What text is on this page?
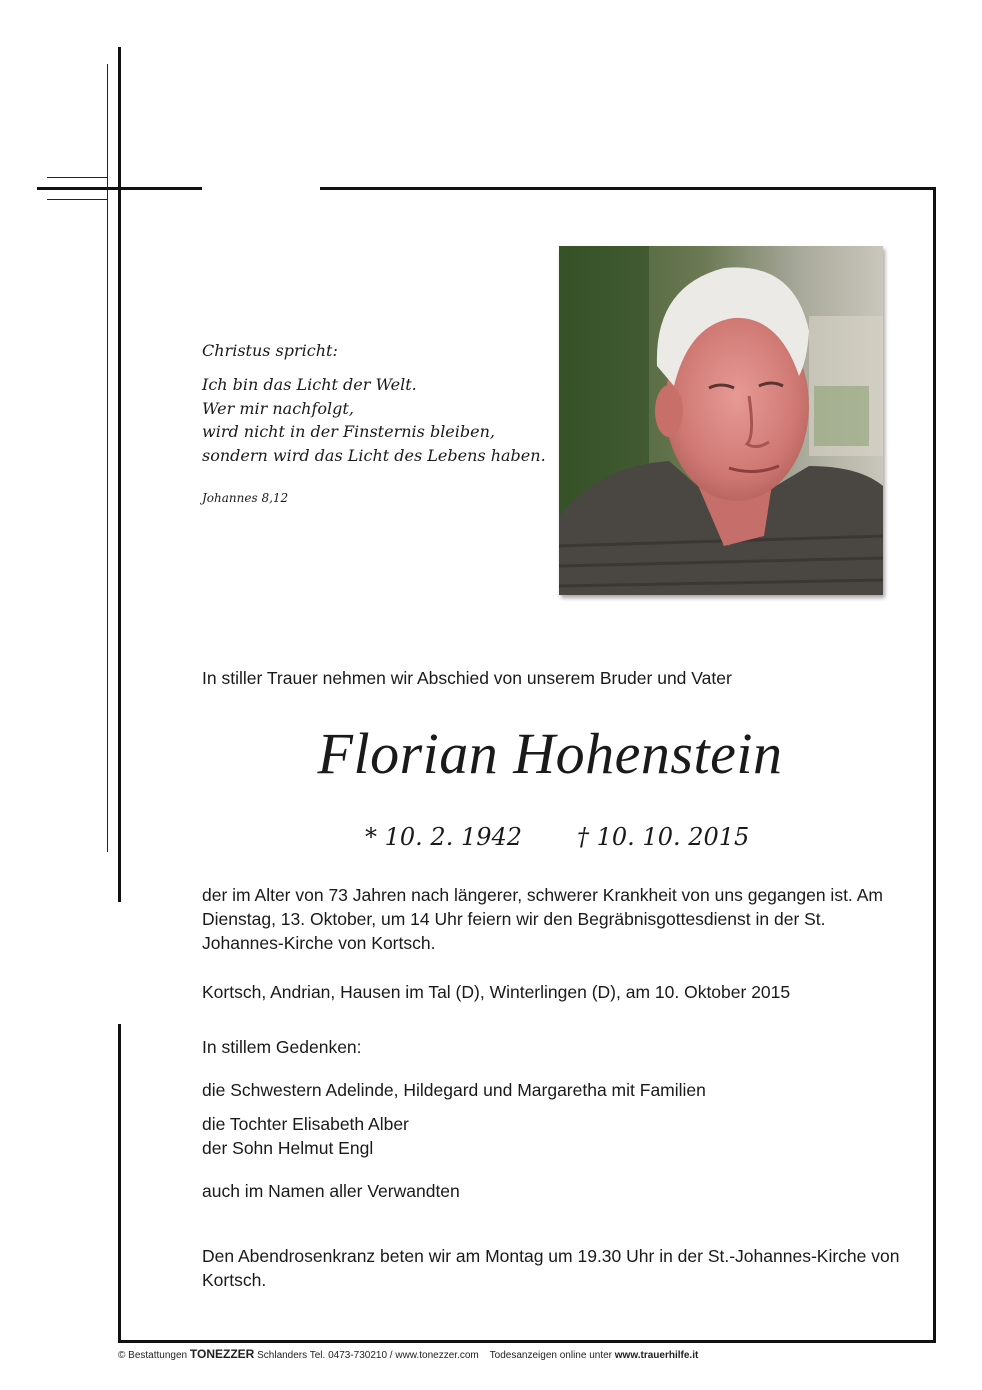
Christus spricht:
Ich bin das Licht der Welt.
Wer mir nachfolgt,
wird nicht in der Finsternis bleiben,
sondern wird das Licht des Lebens haben.
Johannes 8,12
In stiller Trauer nehmen wir Abschied von unserem Bruder und Vater
Florian Hohenstein
* 10. 2. 1942 † 10. 10. 2015
der im Alter von 73 Jahren nach längerer, schwerer Krankheit von uns gegangen ist. Am Dienstag, 13. Oktober, um 14 Uhr feiern wir den Begräbnisgottesdienst in der St. Johannes-Kirche von Kortsch.
Kortsch, Andrian, Hausen im Tal (D), Winterlingen (D), am 10. Oktober 2015
In stillem Gedenken:
die Schwestern Adelinde, Hildegard und Margaretha mit Familien
die Tochter Elisabeth Alber
der Sohn Helmut Engl
auch im Namen aller Verwandten
Den Abendrosenkranz beten wir am Montag um 19.30 Uhr in der St.-Johannes-Kirche von Kortsch.
© Bestattungen TONEZZER Schlanders Tel. 0473-730210 / www.tonezzer.com Todesanzeigen online unter www.trauerhilfe.it
